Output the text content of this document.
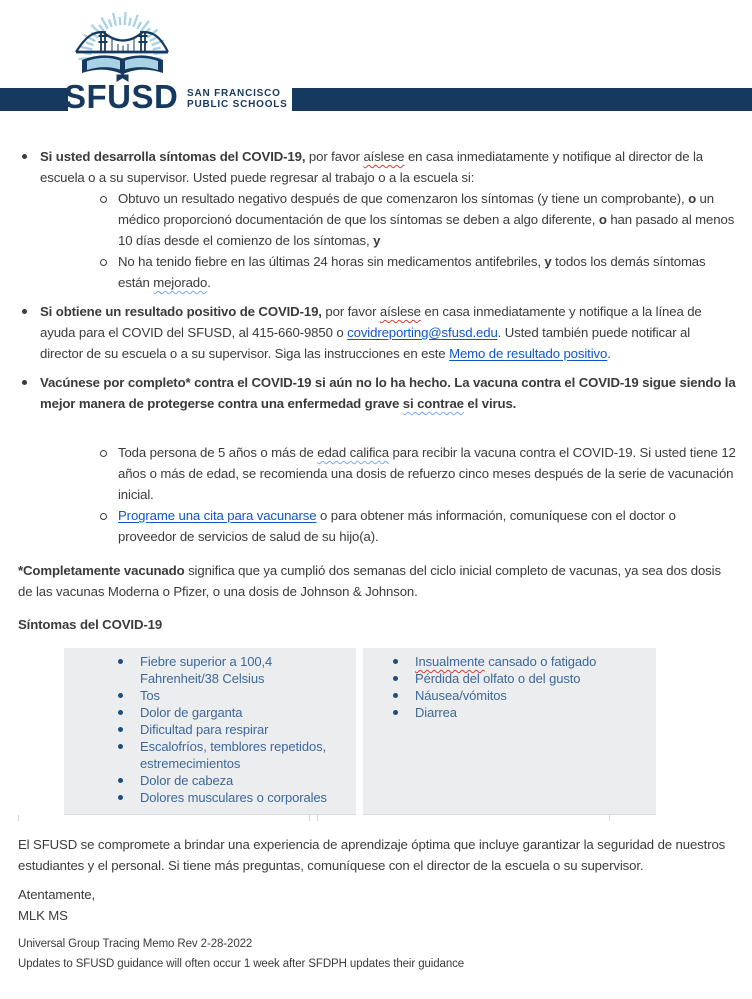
SFUSD SAN FRANCISCO
PUBLIC SCHOOLS

Si usted desarrolla síntomas del COVID-19, por favor aíslese en casa inmediatamente y notifique al director de la escuela o a su supervisor. Usted puede regresar al trabajo o a la escuela si:

Obtuvo un resultado negativo después de que comenzaron los síntomas (y tiene un comprobante), o un médico proporcionó documentación de que los síntomas se deben a algo diferente, o han pasado al menos 10 días desde el comienzo de los síntomas, y

No ha tenido fiebre en las últimas 24 horas sin medicamentos antifebriles, y todos los demás síntomas están mejorado.

Si obtiene un resultado positivo de COVID-19, por favor aíslese en casa inmediatamente y notifique a la línea de ayuda para el COVID del SFUSD, al 415-660-9850 o covidreporting@sfusd.edu. Usted también puede notificar al director de su escuela o a su supervisor. Siga las instrucciones en este Memo de resultado positivo.

Vacúnese por completo* contra el COVID-19 si aún no lo ha hecho. La vacuna contra el COVID-19 sigue siendo la mejor manera de protegerse contra una enfermedad grave si contrae el virus.

Toda persona de 5 años o más de edad califica para recibir la vacuna contra el COVID-19. Si usted tiene 12 años o más de edad, se recomienda una dosis de refuerzo cinco meses después de la serie de vacunación inicial.

Programe una cita para vacunarse o para obtener más información, comuníquese con el doctor o proveedor de servicios de salud de su hijo(a).

*Completamente vacunado significa que ya cumplió dos semanas del ciclo inicial completo de vacunas, ya sea dos dosis de las vacunas Moderna o Pfizer, o una dosis de Johnson & Johnson.

Síntomas del COVID-19

Fiebre superior a 100,4 Fahrenheit/38 Celsius
Tos
Dolor de garganta
Dificultad para respirar
Escalofríos, temblores repetidos, estremecimientos
Dolor de cabeza
Dolores musculares o corporales
Insualmente cansado o fatigado
Pérdida del olfato o del gusto
Náusea/vómitos
Diarrea

El SFUSD se compromete a brindar una experiencia de aprendizaje óptima que incluye garantizar la seguridad de nuestros estudiantes y el personal. Si tiene más preguntas, comuníquese con el director de la escuela o su supervisor.

Atentamente,
MLK MS
Universal Group Tracing Memo Rev 2-28-2022
Updates to SFUSD guidance will often occur 1 week after SFDPH updates their guidance
